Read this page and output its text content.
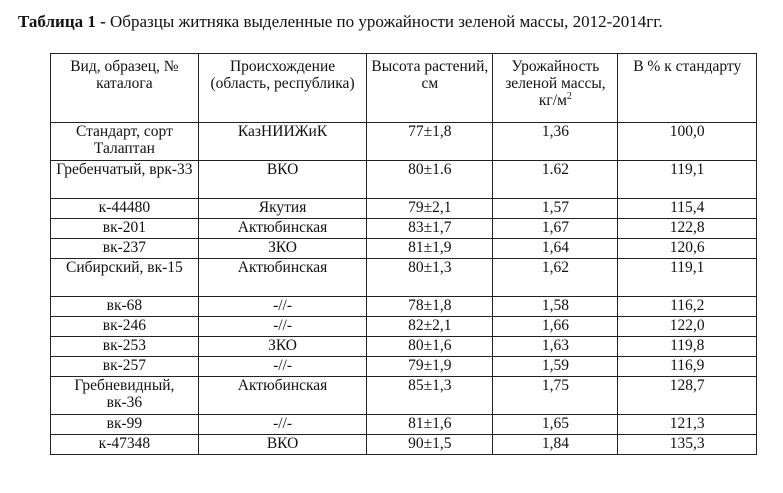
Таблица 1 - Образцы житняка выделенные по урожайности зеленой массы, 2012-2014гг.
Вид, образец, № каталога	Происхождение (область, республика)	Высота растений, см	Урожайность зеленой массы, $кг/м^2$	В % к стандарту
Стандарт, сорт Талаптан	КазНИИЖиК	77±1,8	1,36	100,0
Гребенчатый, врк-33	ВКО	80±1.6	1.62	119,1
к-44480	Якутия	79±2,1	1,57	115,4
вк-201	Актюбинская	83±1,7	1,67	122,8
вк-237	ЗКО	81±1,9	1,64	120,6
Сибирский, вк-15	Актюбинская	80±1,3	1,62	119,1
вк-68	-//-	78±1,8	1,58	116,2
вк-246	-//-	82±2,1	1,66	122,0
вк-253	ЗКО	80±1,6	1,63	119,8
вк-257	-//-	79±1,9	1,59	116,9
Гребневидный, вк-36	Актюбинская	85±1,3	1,75	128,7
вк-99	-//-	81±1,6	1,65	121,3
к-47348	ВКО	90±1,5	1,84	135,3
